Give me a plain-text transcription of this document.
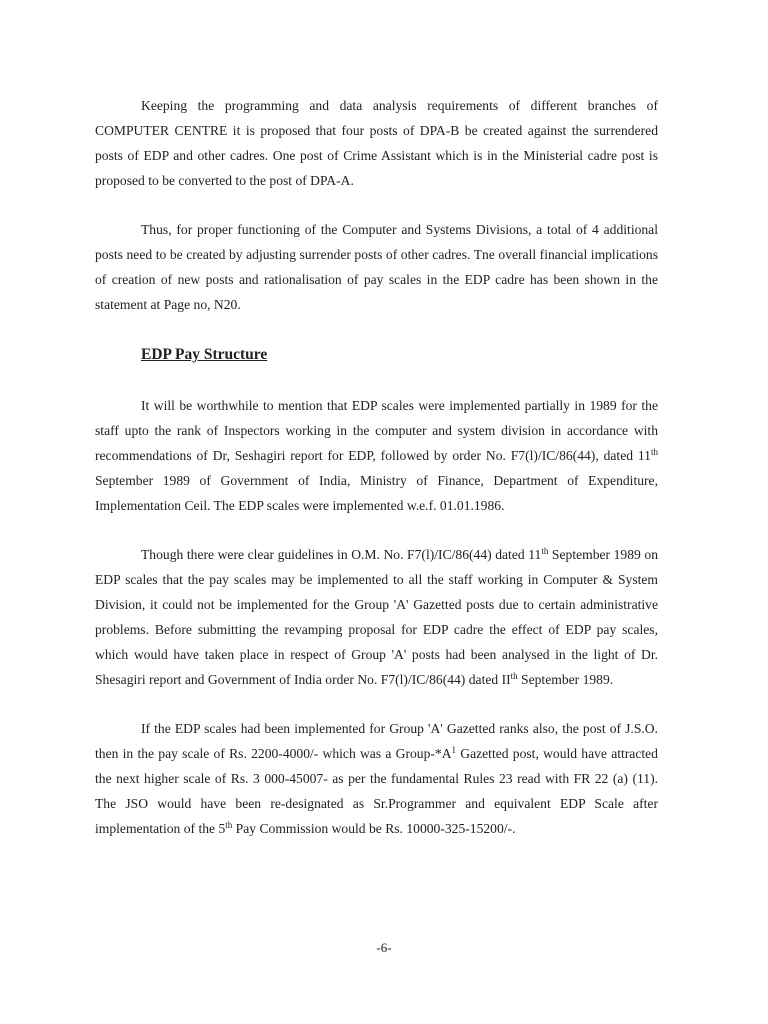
Keeping the programming and data analysis requirements of different branches of COMPUTER CENTRE it is proposed that four posts of DPA-B be created against the surrendered posts of EDP and other cadres. One post of Crime Assistant which is in the Ministerial cadre post is proposed to be converted to the post of DPA-A.

Thus, for proper functioning of the Computer and Systems Divisions, a total of 4 additional posts need to be created by adjusting surrender posts of other cadres. Tne overall financial implications of creation of new posts and rationalisation of pay scales in the EDP cadre has been shown in the statement at Page no, N20.

EDP Pay Structure

It will be worthwhile to mention that EDP scales were implemented partially in 1989 for the staff upto the rank of Inspectors working in the computer and system division in accordance with recommendations of Dr, Seshagiri report for EDP, followed by order No. F7(l)/IC/86(44), dated 11th September 1989 of Government of India, Ministry of Finance, Department of Expenditure, Implementation Ceil. The EDP scales were implemented w.e.f. 01.01.1986.

Though there were clear guidelines in O.M. No. F7(l)/IC/86(44) dated 11th September 1989 on EDP scales that the pay scales may be implemented to all the staff working in Computer & System Division, it could not be implemented for the Group 'A' Gazetted posts due to certain administrative problems. Before submitting the revamping proposal for EDP cadre the effect of EDP pay scales, which would have taken place in respect of Group 'A' posts had been analysed in the light of Dr. Shesagiri report and Government of India order No. F7(l)/IC/86(44) dated IIth September 1989.

If the EDP scales had been implemented for Group 'A' Gazetted ranks also, the post of J.S.O. then in the pay scale of Rs. 2200-4000/- which was a Group-$*A^1$ Gazetted post, would have attracted the next higher scale of Rs. 3 000-45007- as per the fundamental Rules 23 read with FR 22 (a) (11). The JSO would have been re-designated as Sr.Programmer and equivalent EDP Scale after implementation of the 5th Pay Commission would be Rs. 10000-325-15200/-.

-6-
